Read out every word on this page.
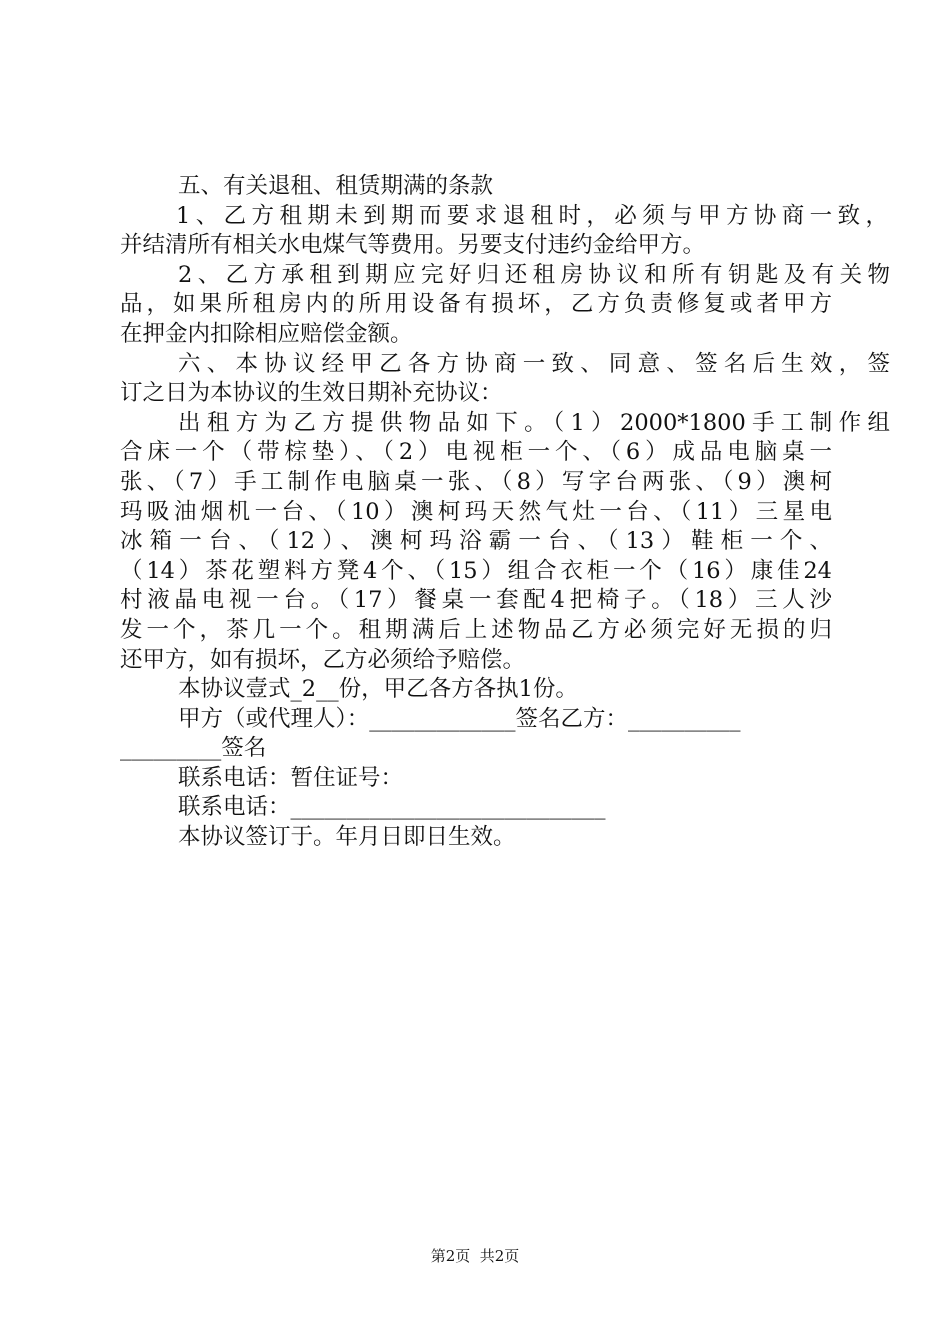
五、有关退租、租赁期满的条款
1、乙方租期未到期而要求退租时，必须与甲方协商一致，
并结清所有相关水电煤气等费用。另要支付违约金给甲方。
2、乙方承租到期应完好归还租房协议和所有钥匙及有关物
品，如果所租房内的所用设备有损坏，乙方负责修复或者甲方
在押金内扣除相应赔偿金额。
六、本协议经甲乙各方协商一致、同意、签名后生效，签
订之日为本协议的生效日期补充协议：
出租方为乙方提供物品如下。（1）2000*1800手工制作组
合床一个（带棕垫）、（2）电视柜一个、（6）成品电脑桌一
张、（7）手工制作电脑桌一张、（8）写字台两张、（9）澳柯
玛吸油烟机一台、（10）澳柯玛天然气灶一台、（11）三星电
冰箱一台、（12）、澳柯玛浴霸一台、（13）鞋柜一个、
（14）茶花塑料方凳4个、（15）组合衣柜一个（16）康佳24
村液晶电视一台。（17）餐桌一套配4把椅子。（18）三人沙
发一个，茶几一个。租期满后上述物品乙方必须完好无损的归
还甲方，如有损坏，乙方必须给予赔偿。
本协议壹式_2__份，甲乙各方各执1份。
甲方（或代理人）：_____________签名乙方：__________
_________签名
联系电话：暂住证号：
联系电话：____________________________
本协议签订于。年月日即日生效。
第2页  共2页
